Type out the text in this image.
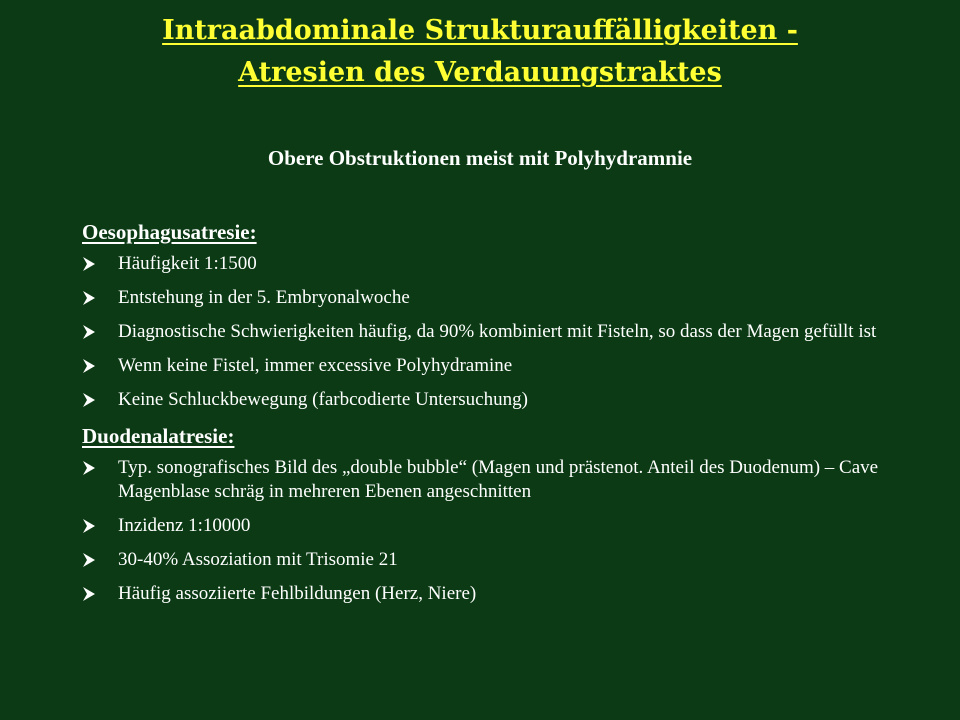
Intraabdominale Strukturauffälligkeiten -
Atresien des Verdauungstraktes
Obere Obstruktionen meist mit Polyhydramnie
Oesophagusatresie:
Häufigkeit 1:1500
Entstehung in der 5. Embryonalwoche
Diagnostische Schwierigkeiten häufig, da 90% kombiniert mit Fisteln, so dass der Magen gefüllt ist
Wenn keine Fistel, immer excessive Polyhydramine
Keine Schluckbewegung (farbcodierte Untersuchung)
Duodenalatresie:
Typ. sonografisches Bild des „double bubble“ (Magen und prästenot. Anteil des Duodenum) – Cave Magenblase schräg in mehreren Ebenen angeschnitten
Inzidenz 1:10000
30-40% Assoziation mit Trisomie 21
Häufig assoziierte Fehlbildungen (Herz, Niere)
